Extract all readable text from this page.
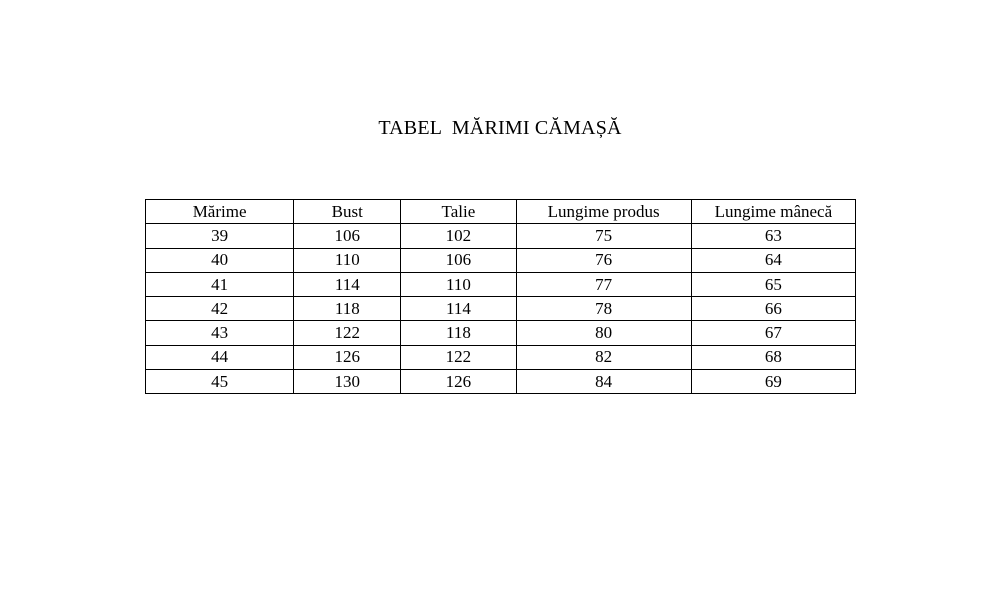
TABEL  MĂRIMI CĂMAȘĂ
Mărime	Bust	Talie	Lungime produs	Lungime mânecă
39	106	102	75	63
40	110	106	76	64
41	114	110	77	65
42	118	114	78	66
43	122	118	80	67
44	126	122	82	68
45	130	126	84	69
